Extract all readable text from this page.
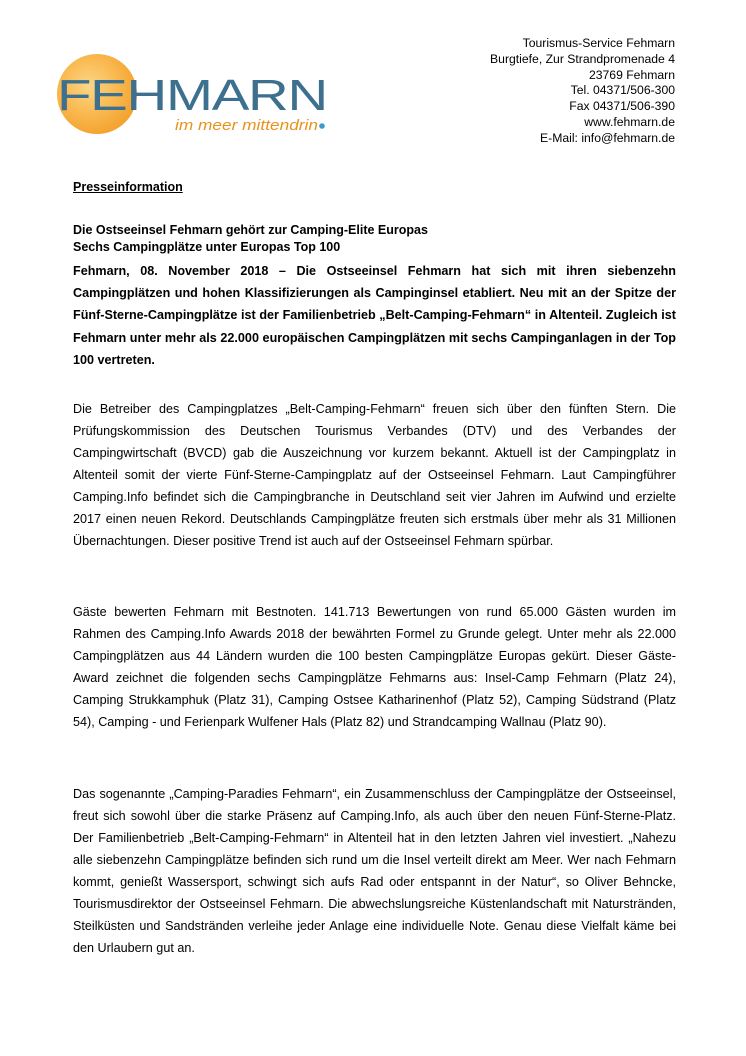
FEHMARN
im meer mittendrin
Tourismus-Service Fehmarn
Burgtiefe, Zur Strandpromenade 4
23769 Fehmarn
Tel. 04371/506-300
Fax 04371/506-390
www.fehmarn.de
E-Mail: info@fehmarn.de
Presseinformation
Die Ostseeinsel Fehmarn gehört zur Camping-Elite Europas
Sechs Campingplätze unter Europas Top 100

Fehmarn, 08. November 2018 – Die Ostseeinsel Fehmarn hat sich mit ihren siebenzehn Campingplätzen und hohen Klassifizierungen als Campinginsel etabliert. Neu mit an der Spitze der Fünf-Sterne-Campingplätze ist der Familienbetrieb „Belt-Camping-Fehmarn“ in Altenteil. Zugleich ist Fehmarn unter mehr als 22.000 europäischen Campingplätzen mit sechs Campinganlagen in der Top 100 vertreten.

Die Betreiber des Campingplatzes „Belt-Camping-Fehmarn“ freuen sich über den fünften Stern. Die Prüfungskommission des Deutschen Tourismus Verbandes (DTV) und des Verbandes der Campingwirtschaft (BVCD) gab die Auszeichnung vor kurzem bekannt. Aktuell ist der Campingplatz in Altenteil somit der vierte Fünf-Sterne-Campingplatz auf der Ostseeinsel Fehmarn. Laut Campingführer Camping.Info befindet sich die Campingbranche in Deutschland seit vier Jahren im Aufwind und erzielte 2017 einen neuen Rekord. Deutschlands Campingplätze freuten sich erstmals über mehr als 31 Millionen Übernachtungen. Dieser positive Trend ist auch auf der Ostseeinsel Fehmarn spürbar.

Gäste bewerten Fehmarn mit Bestnoten. 141.713 Bewertungen von rund 65.000 Gästen wurden im Rahmen des Camping.Info Awards 2018 der bewährten Formel zu Grunde gelegt. Unter mehr als 22.000 Campingplätzen aus 44 Ländern wurden die 100 besten Campingplätze Europas gekürt. Dieser Gäste-Award zeichnet die folgenden sechs Campingplätze Fehmarns aus: Insel-Camp Fehmarn (Platz 24), Camping Strukkamphuk (Platz 31), Camping Ostsee Katharinenhof (Platz 52), Camping Südstrand (Platz 54), Camping - und Ferienpark Wulfener Hals (Platz 82) und Strandcamping Wallnau (Platz 90).

Das sogenannte „Camping-Paradies Fehmarn“, ein Zusammenschluss der Campingplätze der Ostseeinsel, freut sich sowohl über die starke Präsenz auf Camping.Info, als auch über den neuen Fünf-Sterne-Platz. Der Familienbetrieb „Belt-Camping-Fehmarn“ in Altenteil hat in den letzten Jahren viel investiert. „Nahezu alle siebenzehn Campingplätze befinden sich rund um die Insel verteilt direkt am Meer. Wer nach Fehmarn kommt, genießt Wassersport, schwingt sich aufs Rad oder entspannt in der Natur“, so Oliver Behncke, Tourismusdirektor der Ostseeinsel Fehmarn. Die abwechslungsreiche Küstenlandschaft mit Naturstränden, Steilküsten und Sandstränden verleihe jeder Anlage eine individuelle Note. Genau diese Vielfalt käme bei den Urlaubern gut an.
